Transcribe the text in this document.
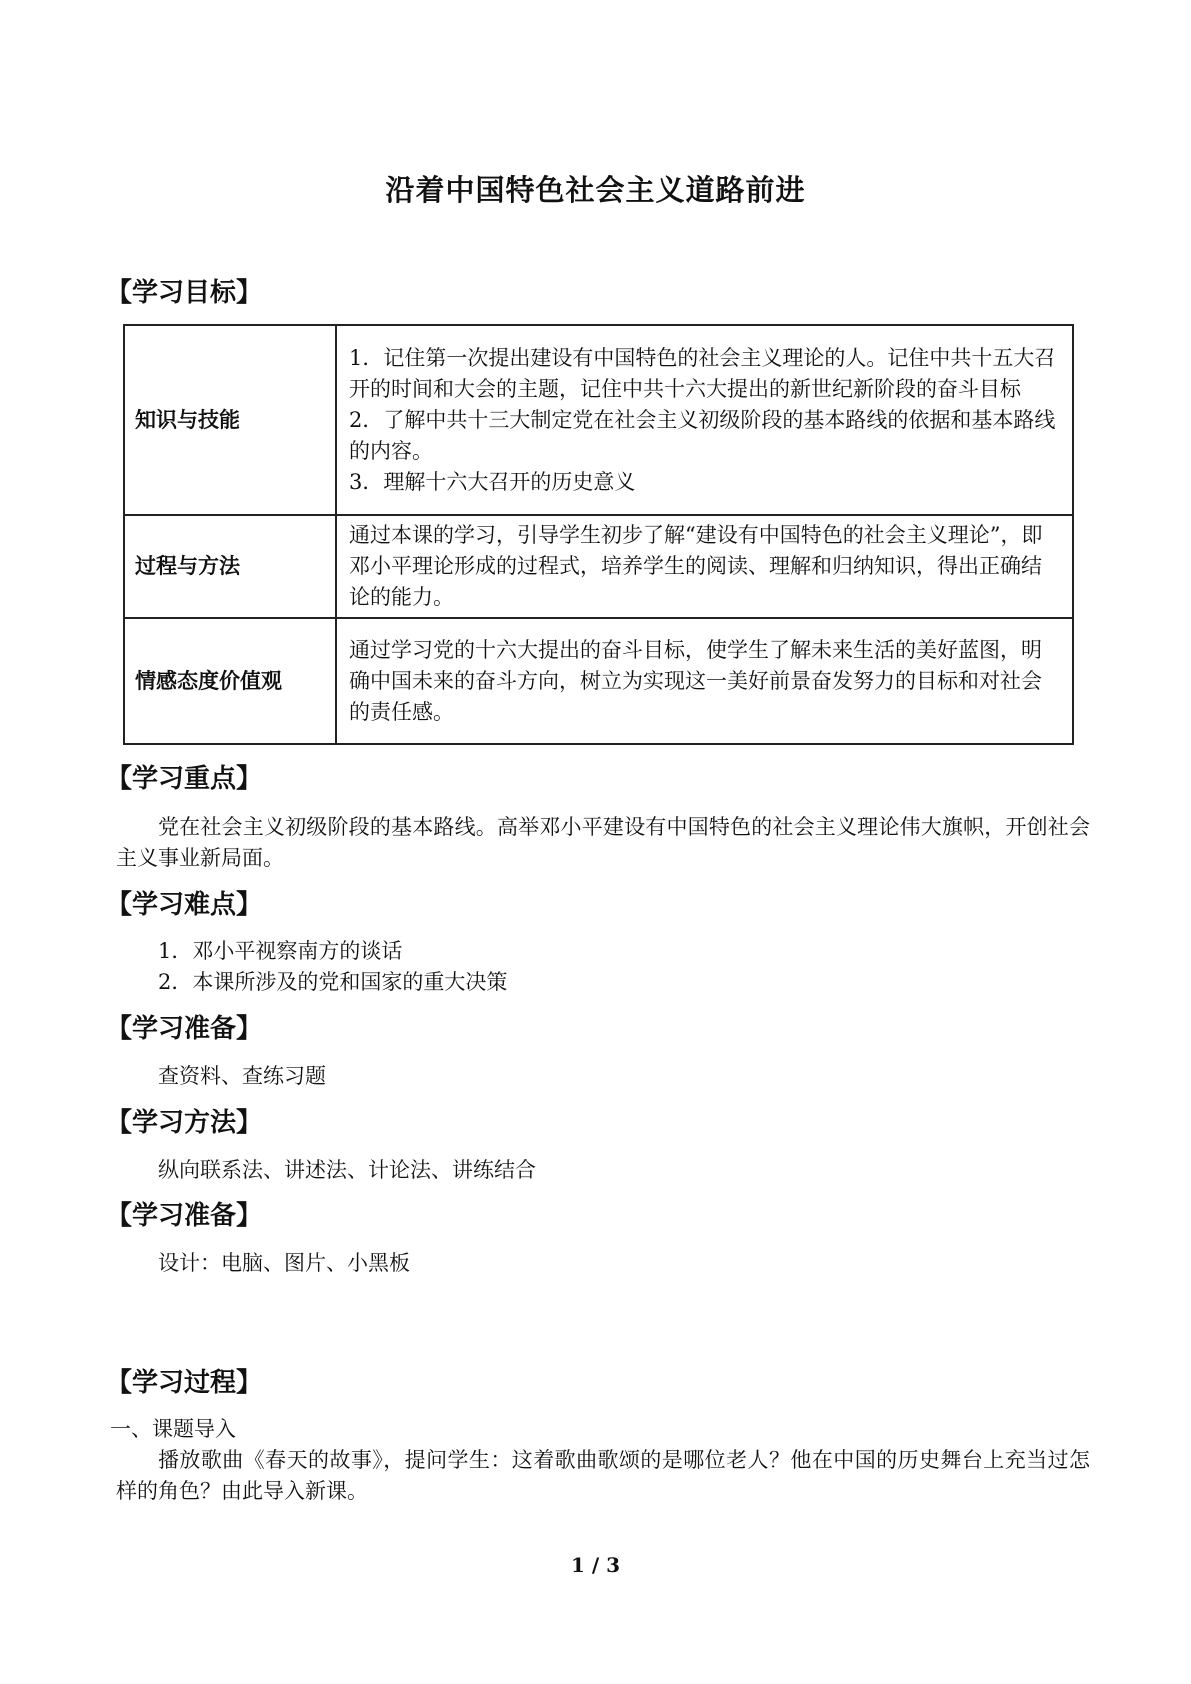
沿着中国特色社会主义道路前进
【学习目标】
知识与技能	1．记住第一次提出建设有中国特色的社会主义理论的人。记住中共十五大召开的时间和大会的主题，记住中共十六大提出的新世纪新阶段的奋斗目标
2．了解中共十三大制定党在社会主义初级阶段的基本路线的依据和基本路线的内容。
3．理解十六大召开的历史意义

过程与方法	通过本课的学习，引导学生初步了解“建设有中国特色的社会主义理论”，即邓小平理论形成的过程式，培养学生的阅读、理解和归纳知识，得出正确结论的能力。

情感态度价值观	通过学习党的十六大提出的奋斗目标，使学生了解未来生活的美好蓝图，明确中国未来的奋斗方向，树立为实现这一美好前景奋发努力的目标和对社会的责任感。
【学习重点】
党在社会主义初级阶段的基本路线。高举邓小平建设有中国特色的社会主义理论伟大旗帜，开创社会主义事业新局面。
【学习难点】
1．邓小平视察南方的谈话
2．本课所涉及的党和国家的重大决策
【学习准备】
查资料、查练习题
【学习方法】
纵向联系法、讲述法、计论法、讲练结合
【学习准备】
设计：电脑、图片、小黑板
【学习过程】
一、课题导入
播放歌曲《春天的故事》，提问学生：这着歌曲歌颂的是哪位老人？他在中国的历史舞台上充当过怎样的角色？由此导入新课。
1 / 3
